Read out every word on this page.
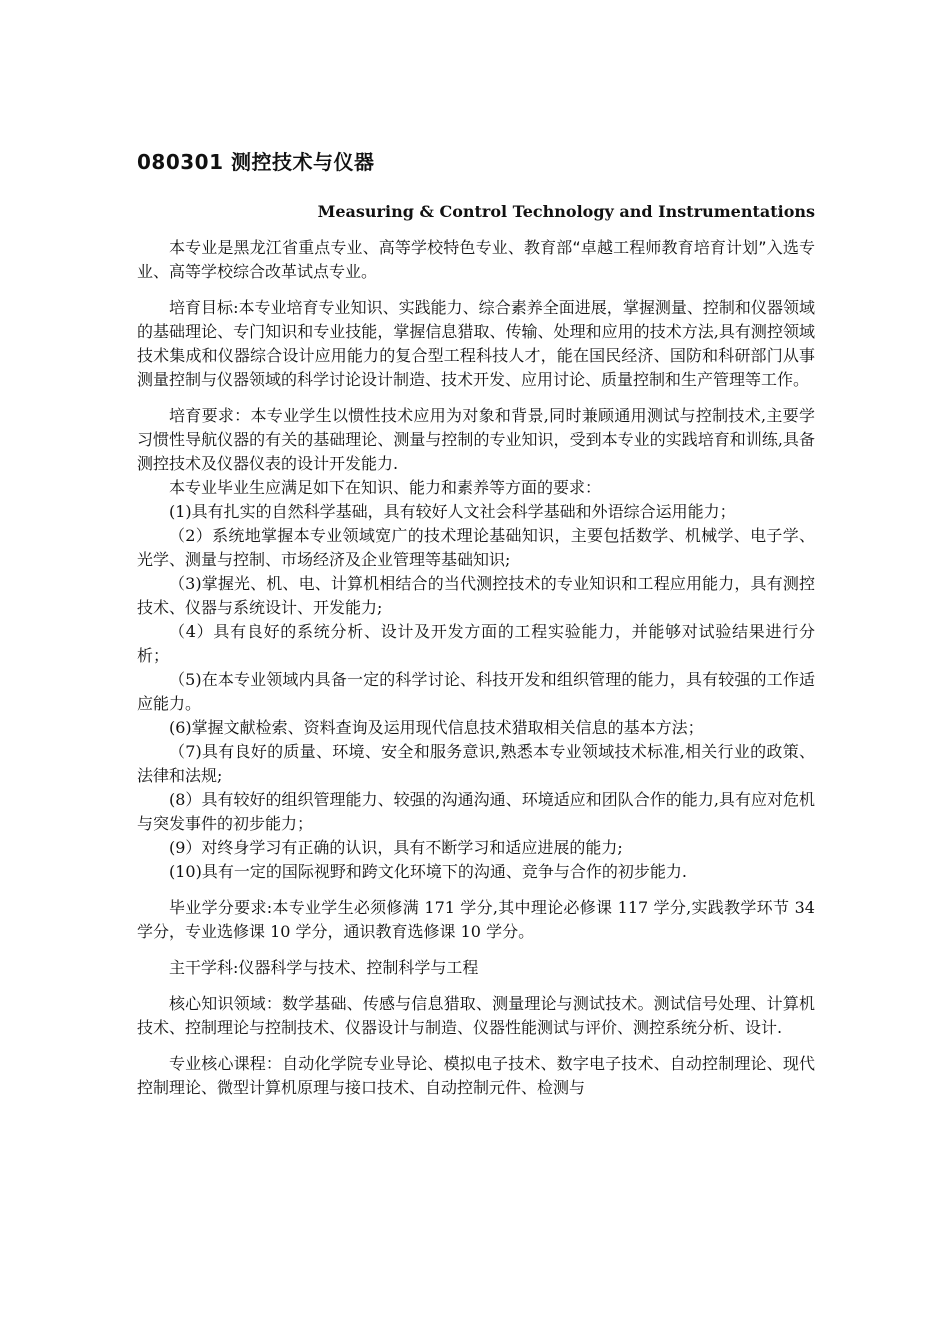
080301 测控技术与仪器
Measuring & Control Technology and Instrumentations

本专业是黑龙江省重点专业、高等学校特色专业、教育部“卓越工程师教育培育计划”入选专业、高等学校综合改革试点专业。

培育目标:本专业培育专业知识、实践能力、综合素养全面进展，掌握测量、控制和仪器领域的基础理论、专门知识和专业技能，掌握信息猎取、传输、处理和应用的技术方法,具有测控领域技术集成和仪器综合设计应用能力的复合型工程科技人才，能在国民经济、国防和科研部门从事测量控制与仪器领域的科学讨论设计制造、技术开发、应用讨论、质量控制和生产管理等工作。

培育要求：本专业学生以惯性技术应用为对象和背景,同时兼顾通用测试与控制技术,主要学习惯性导航仪器的有关的基础理论、测量与控制的专业知识，受到本专业的实践培育和训练,具备测控技术及仪器仪表的设计开发能力.

本专业毕业生应满足如下在知识、能力和素养等方面的要求：

(1)具有扎实的自然科学基础，具有较好人文社会科学基础和外语综合运用能力；

（2）系统地掌握本专业领域宽广的技术理论基础知识，主要包括数学、机械学、电子学、光学、测量与控制、市场经济及企业管理等基础知识;

（3)掌握光、机、电、计算机相结合的当代测控技术的专业知识和工程应用能力，具有测控技术、仪器与系统设计、开发能力;

（4）具有良好的系统分析、设计及开发方面的工程实验能力，并能够对试验结果进行分析；

（5)在本专业领域内具备一定的科学讨论、科技开发和组织管理的能力，具有较强的工作适应能力。

(6)掌握文献检索、资料查询及运用现代信息技术猎取相关信息的基本方法；

（7)具有良好的质量、环境、安全和服务意识,熟悉本专业领域技术标准,相关行业的政策、法律和法规;

(8）具有较好的组织管理能力、较强的沟通沟通、环境适应和团队合作的能力,具有应对危机与突发事件的初步能力；

(9）对终身学习有正确的认识，具有不断学习和适应进展的能力;

(10)具有一定的国际视野和跨文化环境下的沟通、竞争与合作的初步能力.

毕业学分要求:本专业学生必须修满 171 学分,其中理论必修课 117 学分,实践教学环节 34 学分，专业选修课 10 学分，通识教育选修课 10 学分。

主干学科:仪器科学与技术、控制科学与工程

核心知识领域：数学基础、传感与信息猎取、测量理论与测试技术。测试信号处理、计算机技术、控制理论与控制技术、仪器设计与制造、仪器性能测试与评价、测控系统分析、设计.

专业核心课程：自动化学院专业导论、模拟电子技术、数字电子技术、自动控制理论、现代控制理论、微型计算机原理与接口技术、自动控制元件、检测与
